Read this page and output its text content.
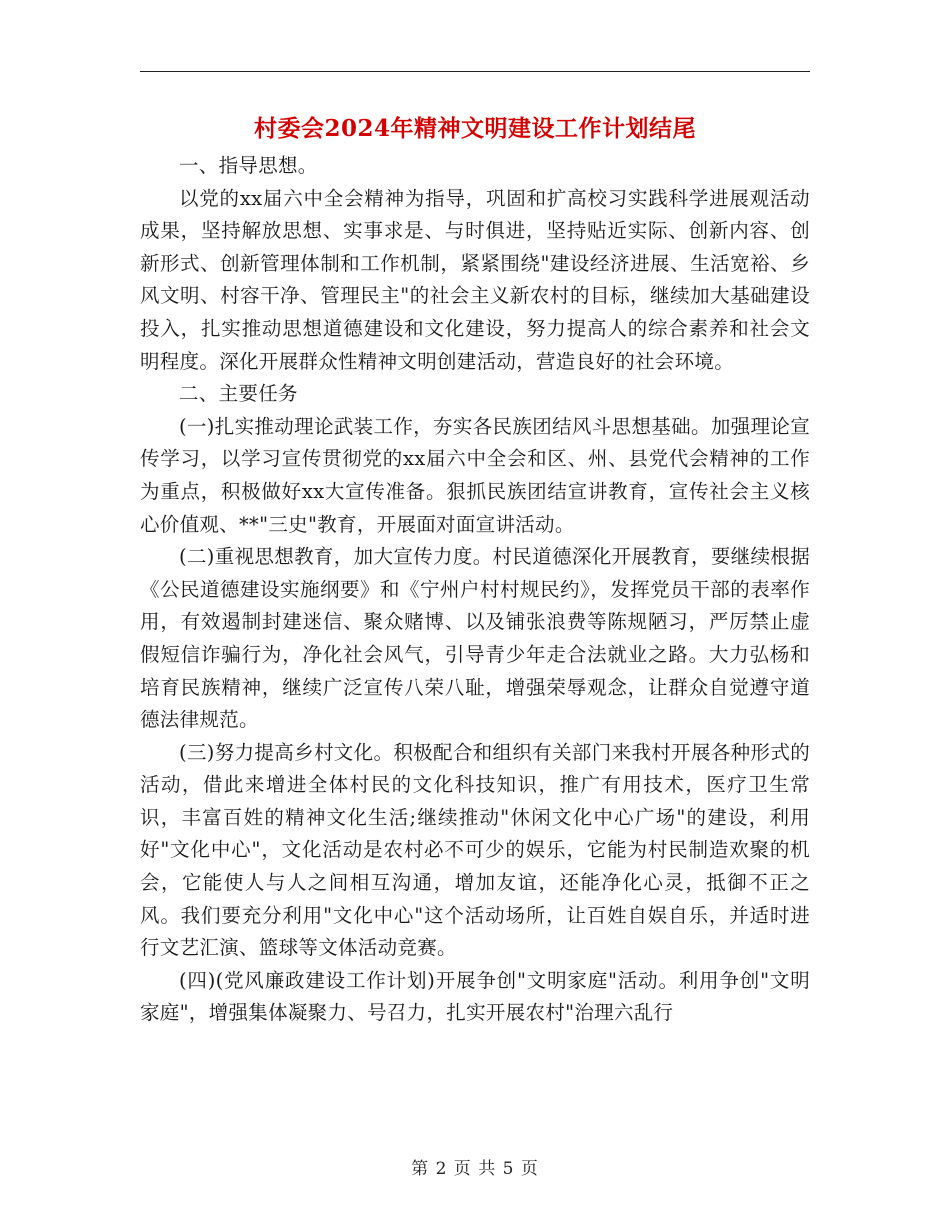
村委会2024年精神文明建设工作计划结尾

一、指导思想。

以党的xx届六中全会精神为指导，巩固和扩高校习实践科学进展观活动成果，坚持解放思想、实事求是、与时俱进，坚持贴近实际、创新内容、创新形式、创新管理体制和工作机制，紧紧围绕"建设经济进展、生活宽裕、乡风文明、村容干净、管理民主"的社会主义新农村的目标，继续加大基础建设投入，扎实推动思想道德建设和文化建设，努力提高人的综合素养和社会文明程度。深化开展群众性精神文明创建活动，营造良好的社会环境。

二、主要任务

(一)扎实推动理论武装工作，夯实各民族团结风斗思想基础。加强理论宣传学习，以学习宣传贯彻党的xx届六中全会和区、州、县党代会精神的工作为重点，积极做好xx大宣传准备。狠抓民族团结宣讲教育，宣传社会主义核心价值观、**"三史"教育，开展面对面宣讲活动。

(二)重视思想教育，加大宣传力度。村民道德深化开展教育，要继续根据《公民道德建设实施纲要》和《宁州户村村规民约》，发挥党员干部的表率作用，有效遏制封建迷信、聚众赌博、以及铺张浪费等陈规陋习，严厉禁止虚假短信诈骗行为，净化社会风气，引导青少年走合法就业之路。大力弘杨和培育民族精神，继续广泛宣传八荣八耻，增强荣辱观念，让群众自觉遵守道德法律规范。

(三)努力提高乡村文化。积极配合和组织有关部门来我村开展各种形式的活动，借此来增进全体村民的文化科技知识，推广有用技术，医疗卫生常识，丰富百姓的精神文化生活;继续推动"休闲文化中心广场"的建设，利用好"文化中心"，文化活动是农村必不可少的娱乐，它能为村民制造欢聚的机会，它能使人与人之间相互沟通，增加友谊，还能净化心灵，抵御不正之风。我们要充分利用"文化中心"这个活动场所，让百姓自娱自乐，并适时进行文艺汇演、篮球等文体活动竞赛。

(四)(党风廉政建设工作计划)开展争创"文明家庭"活动。利用争创"文明家庭"，增强集体凝聚力、号召力，扎实开展农村"治理六乱行

第 2 页 共 5 页
